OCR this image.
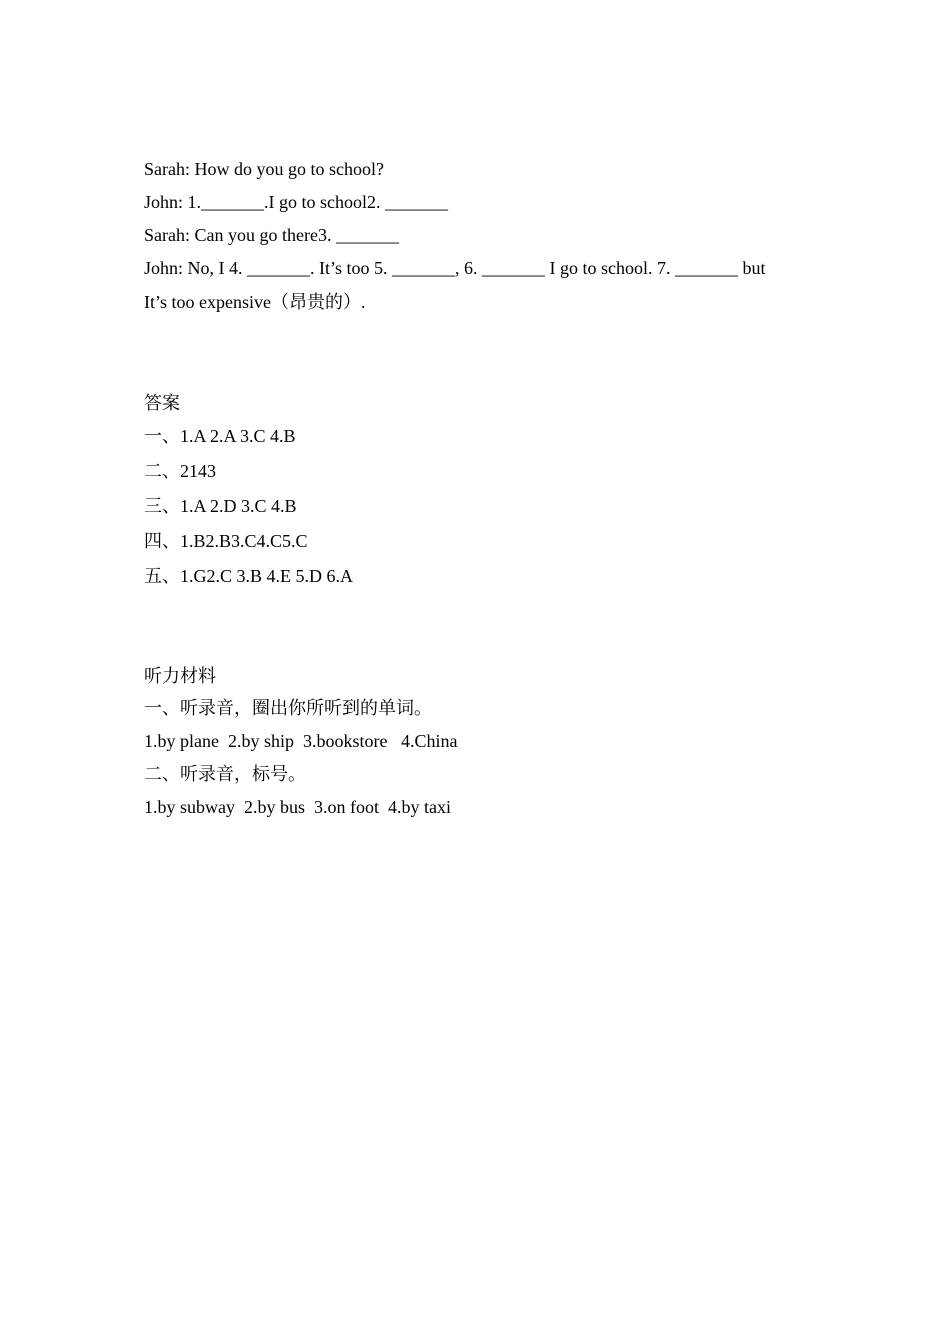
Sarah: How do you go to school?
John: 1._______.I go to school2. _______
Sarah: Can you go there3. _______
John: No, I 4. _______. It’s too 5. _______, 6. _______ I go to school. 7. _______ but
It’s too expensive（昂贵的）.
答案
一、1.A 2.A 3.C 4.B
二、2143
三、1.A 2.D 3.C 4.B
四、1.B2.B3.C4.C5.C
五、1.G2.C 3.B 4.E 5.D 6.A
听力材料
一、听录音，圈出你所听到的单词。
1.by plane  2.by ship  3.bookstore   4.China
二、听录音，标号。
1.by subway  2.by bus  3.on foot  4.by taxi
